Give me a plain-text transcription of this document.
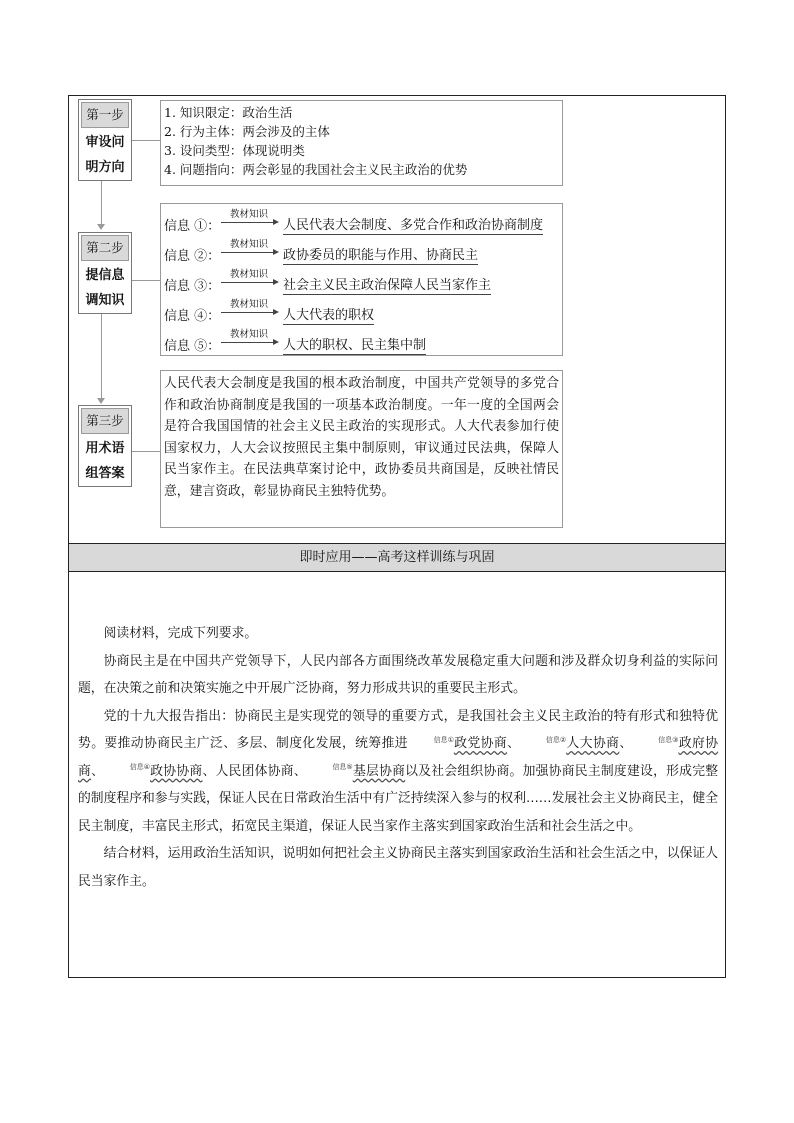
第一步
审设问
明方向
1. 知识限定：政治生活
2. 行为主体：两会涉及的主体
3. 设问类型：体现说明类
4. 问题指向：两会彰显的我国社会主义民主政治的优势
第二步
提信息
调知识
信息 ①：
教材知识
人民代表大会制度、多党合作和政治协商制度
信息 ②：
教材知识
政协委员的职能与作用、协商民主
信息 ③：
教材知识
社会主义民主政治保障人民当家作主
信息 ④：
教材知识
人大代表的职权
信息 ⑤：
教材知识
人大的职权、民主集中制
第三步
用术语
组答案
人民代表大会制度是我国的根本政治制度，中国共产党领导的多党合作和政治协商制度是我国的一项基本政治制度。一年一度的全国两会是符合我国国情的社会主义民主政治的实现形式。人大代表参加行使国家权力，人大会议按照民主集中制原则，审议通过民法典，保障人民当家作主。在民法典草案讨论中，政协委员共商国是，反映社情民意，建言资政，彰显协商民主独特优势。
即时应用——高考这样训练与巩固

阅读材料，完成下列要求。

协商民主是在中国共产党领导下，人民内部各方面围绕改革发展稳定重大问题和涉及群众切身利益的实际问题，在决策之前和决策实施之中开展广泛协商，努力形成共识的重要民主形式。

党的十九大报告指出：协商民主是实现党的领导的重要方式，是我国社会主义民主政治的特有形式和独特优势。要推动协商民主广泛、多层、制度化发展，统筹推进	信息①政党协商、	信息②人大协商、	信息③政府协商、	信息④政协协商、人民团体协商、	信息⑤基层协商以及社会组织协商。加强协商民主制度建设，形成完整的制度程序和参与实践，保证人民在日常政治生活中有广泛持续深入参与的权利……发展社会主义协商民主，健全民主制度，丰富民主形式，拓宽民主渠道，保证人民当家作主落实到国家政治生活和社会生活之中。

结合材料，运用政治生活知识，说明如何把社会主义协商民主落实到国家政治生活和社会生活之中，以保证人民当家作主。
